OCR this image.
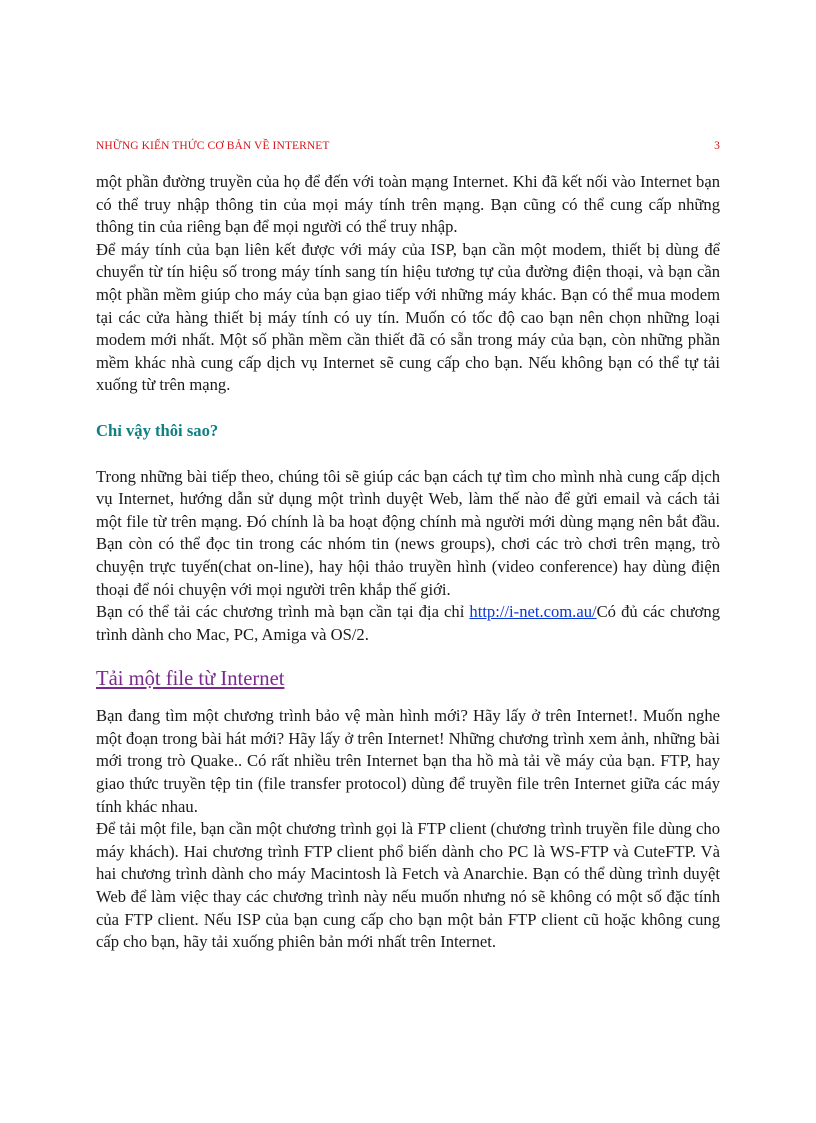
NHỮNG KIẾN THỨC CƠ BẢN VỀ INTERNET	3

một phần đường truyền của họ để đến với toàn mạng Internet. Khi đã kết nối vào Internet bạn có thể truy nhập thông tin của mọi máy tính trên mạng. Bạn cũng có thể cung cấp những thông tin của riêng bạn để mọi người có thể truy nhập.

Để máy tính của bạn liên kết được với máy của ISP, bạn cần một modem, thiết bị dùng để chuyển từ tín hiệu số trong máy tính sang tín hiệu tương tự của đường điện thoại, và bạn cần một phần mềm giúp cho máy của bạn giao tiếp với những máy khác. Bạn có thể mua modem tại các cửa hàng thiết bị máy tính có uy tín. Muốn có tốc độ cao bạn nên chọn những loại modem mới nhất. Một số phần mềm cần thiết đã có sẵn trong máy của bạn, còn những phần mềm khác nhà cung cấp dịch vụ Internet sẽ cung cấp cho bạn. Nếu không bạn có thể tự tải xuống từ trên mạng.

Chỉ vậy thôi sao?

Trong những bài tiếp theo, chúng tôi sẽ giúp các bạn cách tự tìm cho mình nhà cung cấp dịch vụ Internet, hướng dẫn sử dụng một trình duyệt Web, làm thế nào để gửi email và cách tải một file từ trên mạng. Đó chính là ba hoạt động chính mà người mới dùng mạng nên bắt đầu. Bạn còn có thể đọc tin trong các nhóm tin (news groups), chơi các trò chơi trên mạng, trò chuyện trực tuyến(chat on-line), hay hội thảo truyền hình (video conference) hay dùng điện thoại để nói chuyện với mọi người trên khắp thế giới.

Bạn có thể tải các chương trình mà bạn cần tại địa chỉ http://i-net.com.au/Có đủ các chương trình dành cho Mac, PC, Amiga và OS/2.

Tải một file từ Internet

Bạn đang tìm một chương trình bảo vệ màn hình mới? Hãy lấy ở trên Internet!. Muốn nghe một đoạn trong bài hát mới? Hãy lấy ở trên Internet! Những chương trình xem ảnh, những bài mới trong trò Quake.. Có rất nhiều trên Internet bạn tha hồ mà tải về máy của bạn. FTP, hay giao thức truyền tệp tin (file transfer protocol) dùng để truyền file trên Internet giữa các máy tính khác nhau.

Để tải một file, bạn cần một chương trình gọi là FTP client (chương trình truyền file dùng cho máy khách). Hai chương trình FTP client phổ biến dành cho PC là WS-FTP và CuteFTP. Và hai chương trình dành cho máy Macintosh là Fetch và Anarchie. Bạn có thể dùng trình duyệt Web để làm việc thay các chương trình này nếu muốn nhưng nó sẽ không có một số đặc tính của FTP client. Nếu ISP của bạn cung cấp cho bạn một bản FTP client cũ hoặc không cung cấp cho bạn, hãy tải xuống phiên bản mới nhất trên Internet.
